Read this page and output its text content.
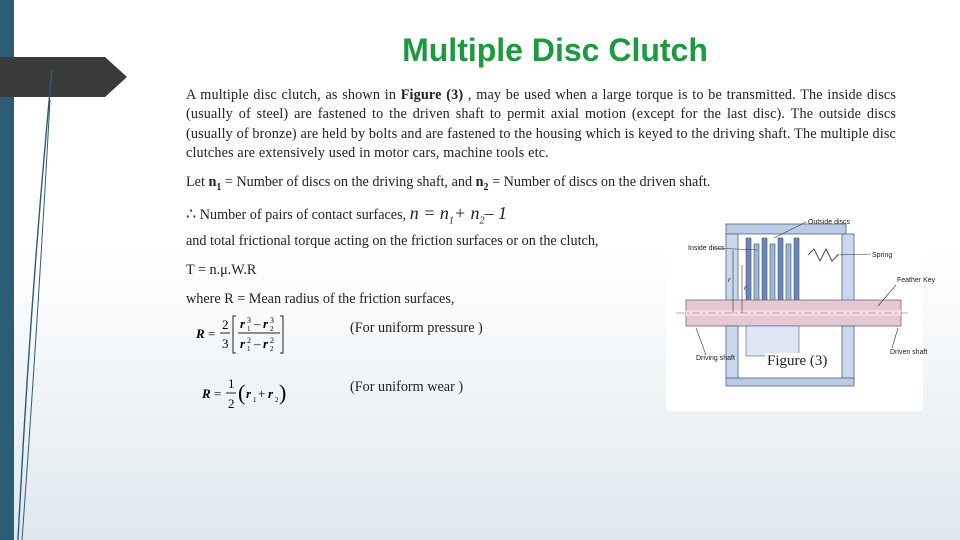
Multiple Disc Clutch
A multiple disc clutch, as shown in Figure (3) , may be used when a large torque is to be transmitted. The inside discs (usually of steel) are fastened to the driven shaft to permit axial motion (except for the last disc). The outside discs (usually of bronze) are held by bolts and are fastened to the housing which is keyed to the driving shaft. The multiple disc clutches are extensively used in motor cars, machine tools etc.
Let $n_1$ = Number of discs on the driving shaft, and $n_2$ = Number of discs on the driven shaft.
∴ Number of pairs of contact surfaces, $n = n_1+ n_2-$ 1
and total frictional torque acting on the friction surfaces or on the clutch,
T = n.μ.W.R
where R = Mean radius of the friction surfaces,
R =
2
3
r 3
1 – r 3
2
r 2
1 – r 2
2
(For uniform pressure )
R =
1
2 ( r 1 + r 2 )	(For uniform wear )
r
r
Outside discs
Inside discs
Spring
Feather Key
Driving shaft
Driven shaft
Figure (3)
